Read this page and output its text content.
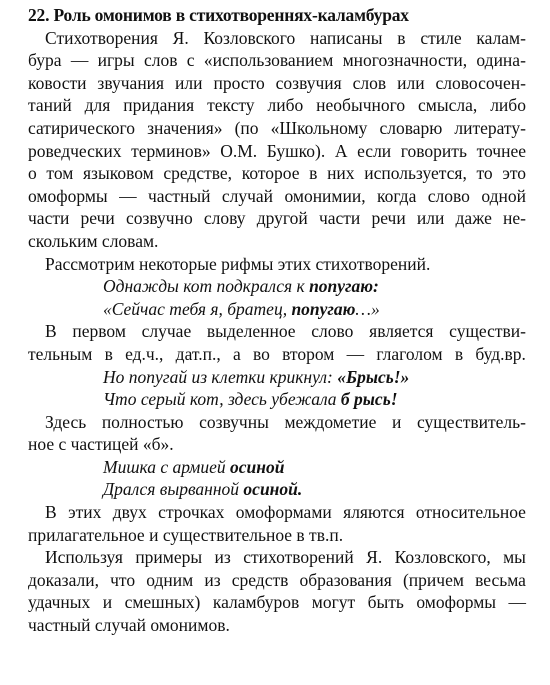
22. Роль омонимов в стихотвореннях-каламбурах
Стихотворения Я. Козловского написаны в стиле калам-
бура — игры слов с «использованием многозначности, одина-
ковости звучания или просто созвучия слов или словосочен-
таний для придания тексту либо необычного смысла, либо
сатирического значения» (по «Школьному словарю литерату-
роведческих терминов» О.М. Бушко). А если говорить точнее
о том языковом средстве, которое в них используется, то это
омоформы — частный случай омонимии, когда слово одной
части речи созвучно слову другой части речи или даже не-
скольким словам.
Рассмотрим некоторые рифмы этих стихотворений.
Однажды кот подкрался к попугаю:
«Сейчас тебя я, братец, попугаю…»
В первом случае выделенное слово является существи-
тельным в ед.ч., дат.п., а во втором — глаголом в буд.вр.
Но попугай из клетки крикнул: «Брысь!»
Что серый кот, здесь убежала б рысь!
Здесь полностью созвучны междометие и существитель-
ное с частицей «б».
Мишка с армией осиной
Дрался вырванной осиной.
В этих двух строчках омоформами яляются относительное
прилагательное и существительное в тв.п.
Используя примеры из стихотворений Я. Козловского, мы
доказали, что одним из средств образования (причем весьма
удачных и смешных) каламбуров могут быть омоформы —
частный случай омонимов.
